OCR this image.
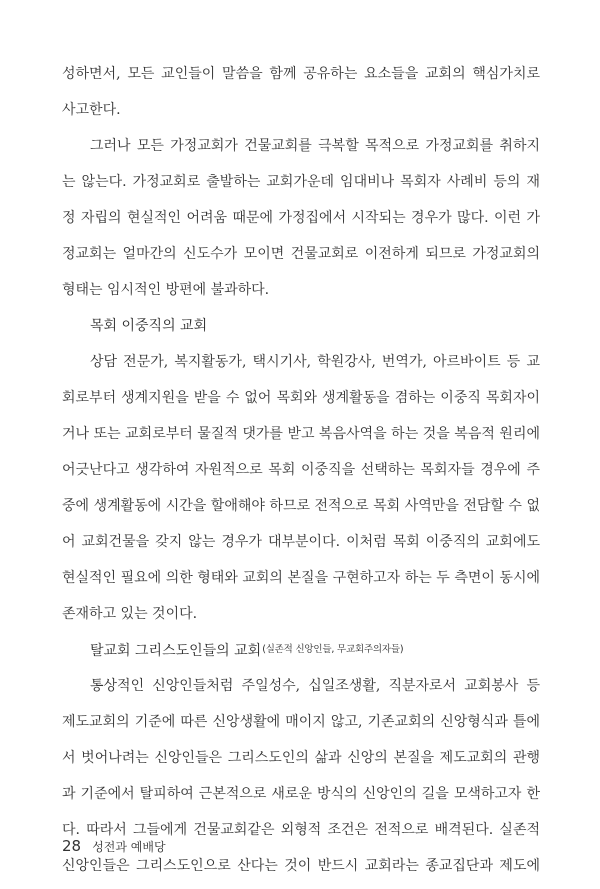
성하면서, 모든 교인들이 말씀을 함께 공유하는 요소들을 교회의 핵심가치로
사고한다.
그러나 모든 가정교회가 건물교회를 극복할 목적으로 가정교회를 취하지
는 않는다. 가정교회로 출발하는 교회가운데 임대비나 목회자 사례비 등의 재
정 자립의 현실적인 어려움 때문에 가정집에서 시작되는 경우가 많다. 이런 가
정교회는 얼마간의 신도수가 모이면 건물교회로 이전하게 되므로 가정교회의
형태는 임시적인 방편에 불과하다.
목회 이중직의 교회
상담 전문가, 복지활동가, 택시기사, 학원강사, 번역가, 아르바이트 등 교
회로부터 생계지원을 받을 수 없어 목회와 생계활동을 겸하는 이중직 목회자이
거나 또는 교회로부터 물질적 댓가를 받고 복음사역을 하는 것을 복음적 원리에
어긋난다고 생각하여 자원적으로 목회 이중직을 선택하는 목회자들 경우에 주
중에 생계활동에 시간을 할애해야 하므로 전적으로 목회 사역만을 전담할 수 없
어 교회건물을 갖지 않는 경우가 대부분이다. 이처럼 목회 이중직의 교회에도
현실적인 필요에 의한 형태와 교회의 본질을 구현하고자 하는 두 측면이 동시에
존재하고 있는 것이다.
탈교회 그리스도인들의 교회$^{(실존적 신앙인들, 무교회주의자들)}$
통상적인 신앙인들처럼 주일성수, 십일조생활, 직분자로서 교회봉사 등
제도교회의 기준에 따른 신앙생활에 매이지 않고, 기존교회의 신앙형식과 틀에
서 벗어나려는 신앙인들은 그리스도인의 삶과 신앙의 본질을 제도교회의 관행
과 기준에서 탈피하여 근본적으로 새로운 방식의 신앙인의 길을 모색하고자 한
다. 따라서 그들에게 건물교회같은 외형적 조건은 전적으로 배격된다. 실존적
신앙인들은 그리스도인으로 산다는 것이 반드시 교회라는 종교집단과 제도에
28 성전과 예배당
